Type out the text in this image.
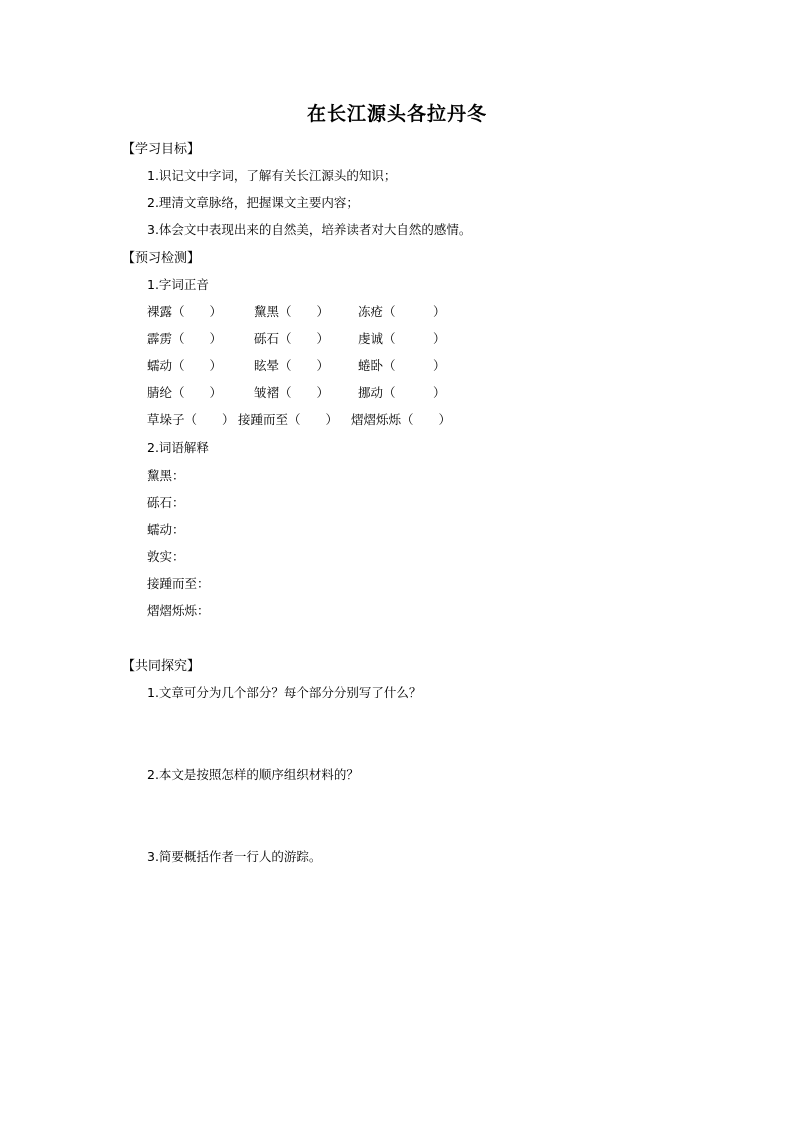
在长江源头各拉丹冬
【学习目标】
1.识记文中字词，了解有关长江源头的知识；
2.理清文章脉络，把握课文主要内容；
3.体会文中表现出来的自然美，培养读者对大自然的感情。
【预习检测】
1.字词正音
裸露（　　）	黧黑（　　） 冻疮（　　　）
霹雳（　　）	砾石（　　） 虔诚（　　　）
蠕动（　　）	眩晕（　　） 蜷卧（　　　）
腈纶（　　）	皱褶（　　） 挪动（　　　）
草垛子（　　） 接踵而至（　　） 熠熠烁烁（　　）
2.词语解释
黧黑：
砾石：
蠕动：
敦实：
接踵而至：
熠熠烁烁：
【共同探究】
1.文章可分为几个部分？每个部分分别写了什么？
2.本文是按照怎样的顺序组织材料的？
3.简要概括作者一行人的游踪。
